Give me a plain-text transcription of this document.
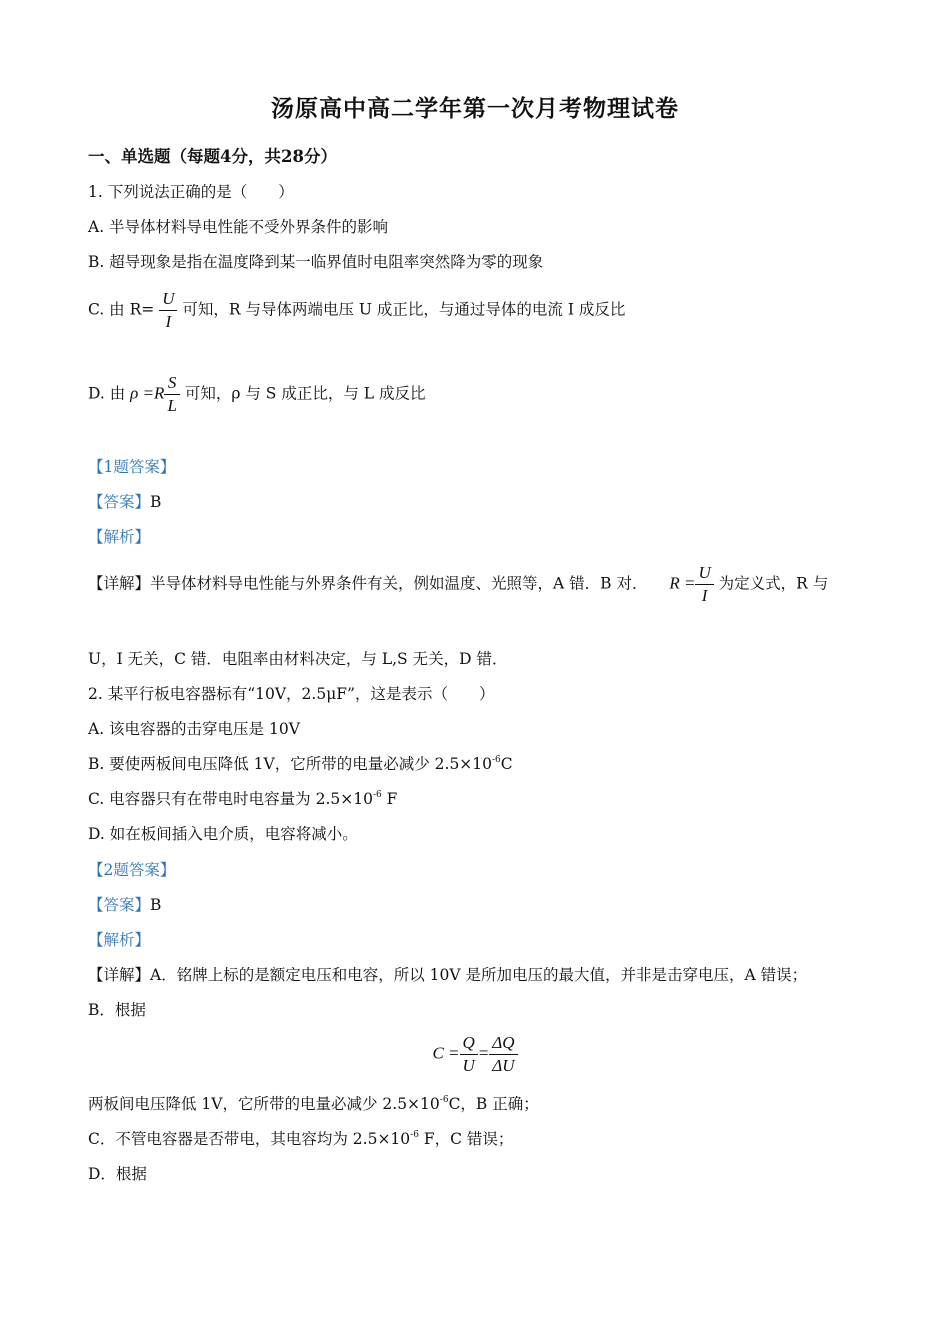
汤原高中高二学年第一次月考物理试卷
一、单选题（每题4分，共28分）
1. 下列说法正确的是（　　）
A. 半导体材料导电性能不受外界条件的影响
B. 超导现象是指在温度降到某一临界值时电阻率突然降为零的现象
C. 由 $R= \frac{U}{I}$ 可知，R 与导体两端电压 U 成正比，与通过导体的电流 I 成反比
D. 由 $\rho =R \frac{S}{L}$ 可知，ρ 与 S 成正比，与 L 成反比
【1题答案】
【答案】B
【解析】
【详解】半导体材料导电性能与外界条件有关，例如温度、光照等，A 错．B 对． $R = \frac{U}{I}$ 为定义式，R 与
U，I 无关，C 错．电阻率由材料决定，与 L,S 无关，D 错．
2. 某平行板电容器标有“10V，2.5μF”，这是表示（　　）
A. 该电容器的击穿电压是 10V
B. 要使两板间电压降低 1V，它所带的电量必减少 $2.5\times 10^{-6}C$
C. 电容器只有在带电时电容量为 $2.5\times 10^{-6}$ F
D. 如在板间插入电介质，电容将减小。
【2题答案】
【答案】B
【解析】
【详解】A．铭牌上标的是额定电压和电容，所以 10V 是所加电压的最大值，并非是击穿电压，A 错误；
B．根据
$C = \frac{Q}{U} = \frac{\Delta Q}{\Delta U}$
两板间电压降低 1V，它所带的电量必减少 $2.5\times 10^{-6}C$，B 正确；
C．不管电容器是否带电，其电容均为 $2.5\times 10^{-6}$ F，C 错误；
D．根据
